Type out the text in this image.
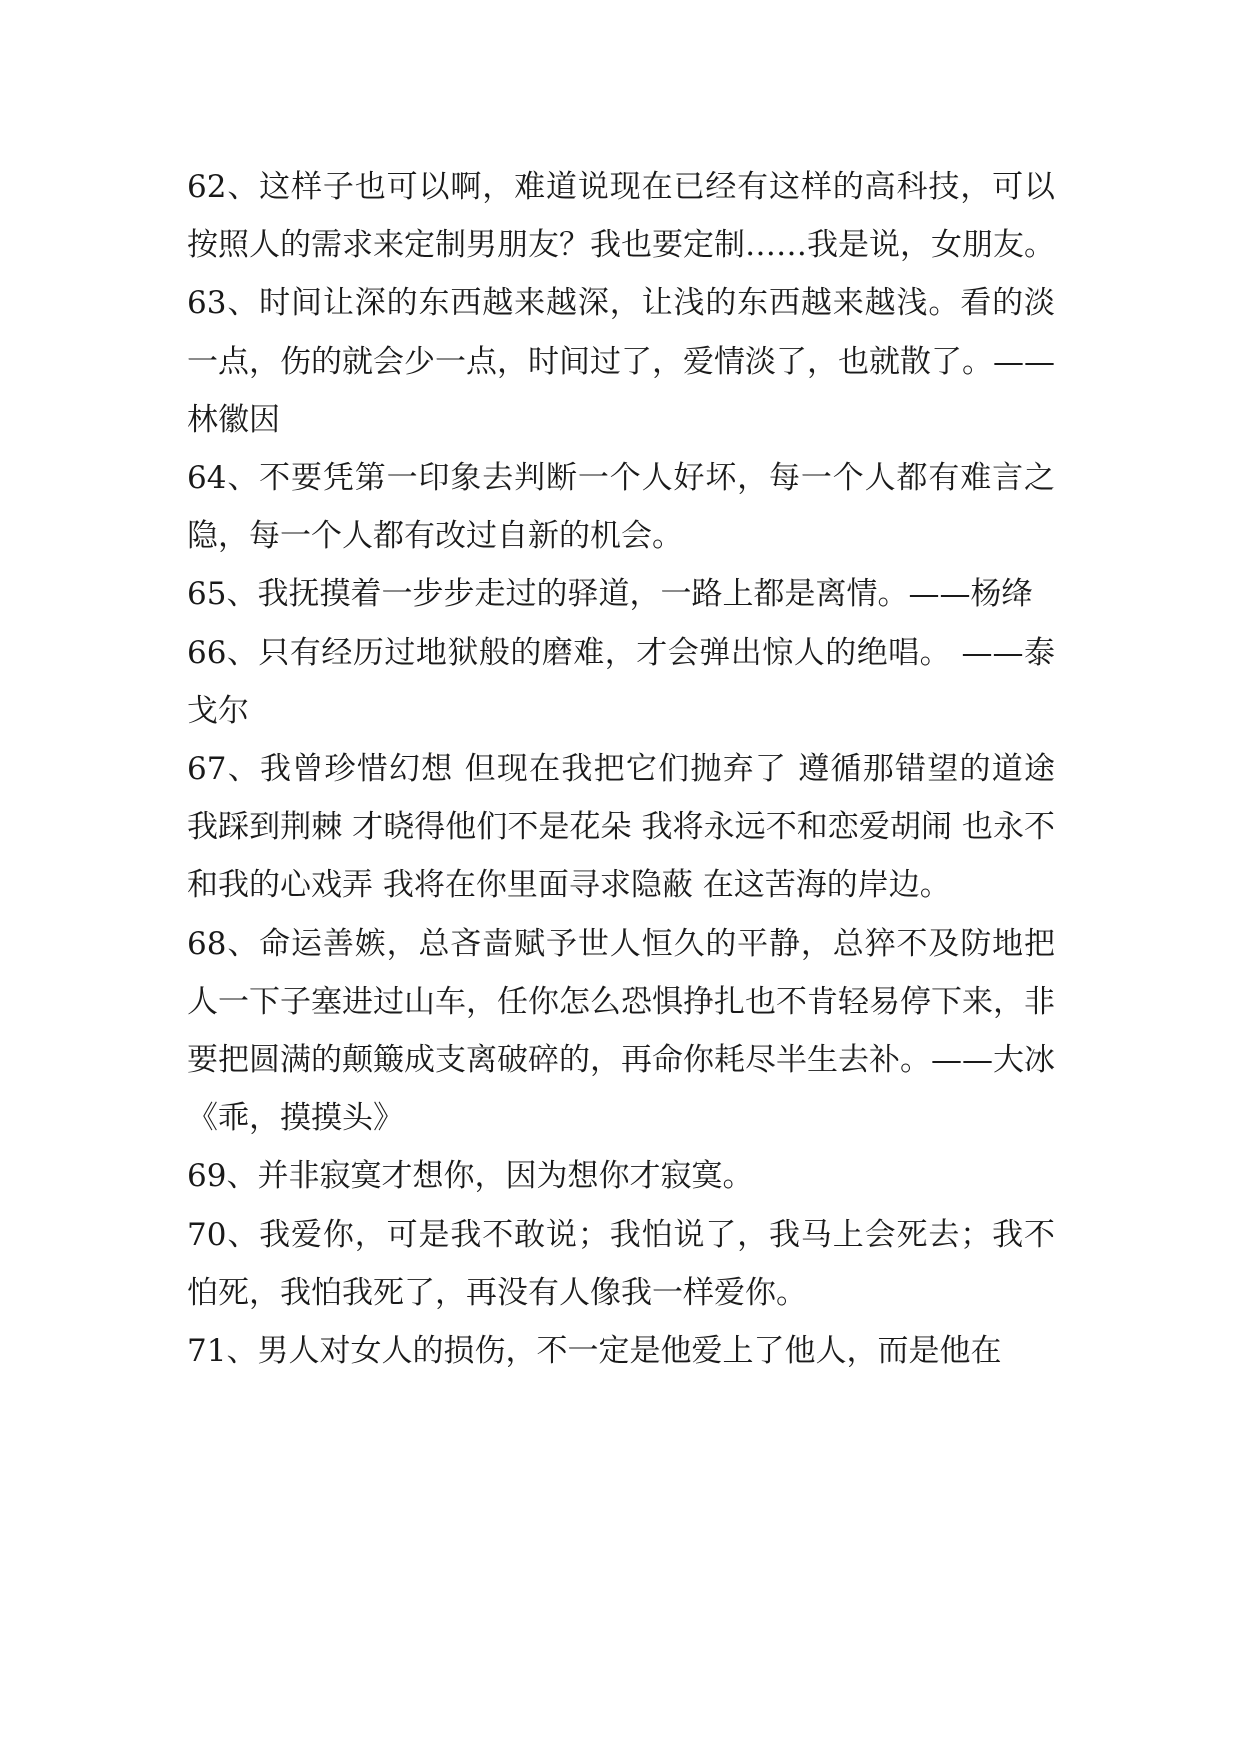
62、这样子也可以啊，难道说现在已经有这样的高科技，可以按照人的需求来定制男朋友？我也要定制……我是说，女朋友。

63、时间让深的东西越来越深，让浅的东西越来越浅。看的淡一点，伤的就会少一点，时间过了，爱情淡了，也就散了。—— 林徽因

64、不要凭第一印象去判断一个人好坏，每一个人都有难言之隐，每一个人都有改过自新的机会。

65、我抚摸着一步步走过的驿道，一路上都是离情。——杨绛

66、只有经历过地狱般的磨难，才会弹出惊人的绝唱。 ——泰戈尔

67、我曾珍惜幻想 但现在我把它们抛弃了 遵循那错望的道途 我踩到荆棘 才晓得他们不是花朵 我将永远不和恋爱胡闹 也永不和我的心戏弄 我将在你里面寻求隐蔽 在这苦海的岸边。

68、命运善嫉，总吝啬赋予世人恒久的平静，总猝不及防地把人一下子塞进过山车，任你怎么恐惧挣扎也不肯轻易停下来，非要把圆满的颠簸成支离破碎的，再命你耗尽半生去补。——大冰 《乖，摸摸头》

69、并非寂寞才想你，因为想你才寂寞。

70、我爱你，可是我不敢说；我怕说了，我马上会死去；我不怕死，我怕我死了，再没有人像我一样爱你。

71、男人对女人的损伤，不一定是他爱上了他人，而是他在
